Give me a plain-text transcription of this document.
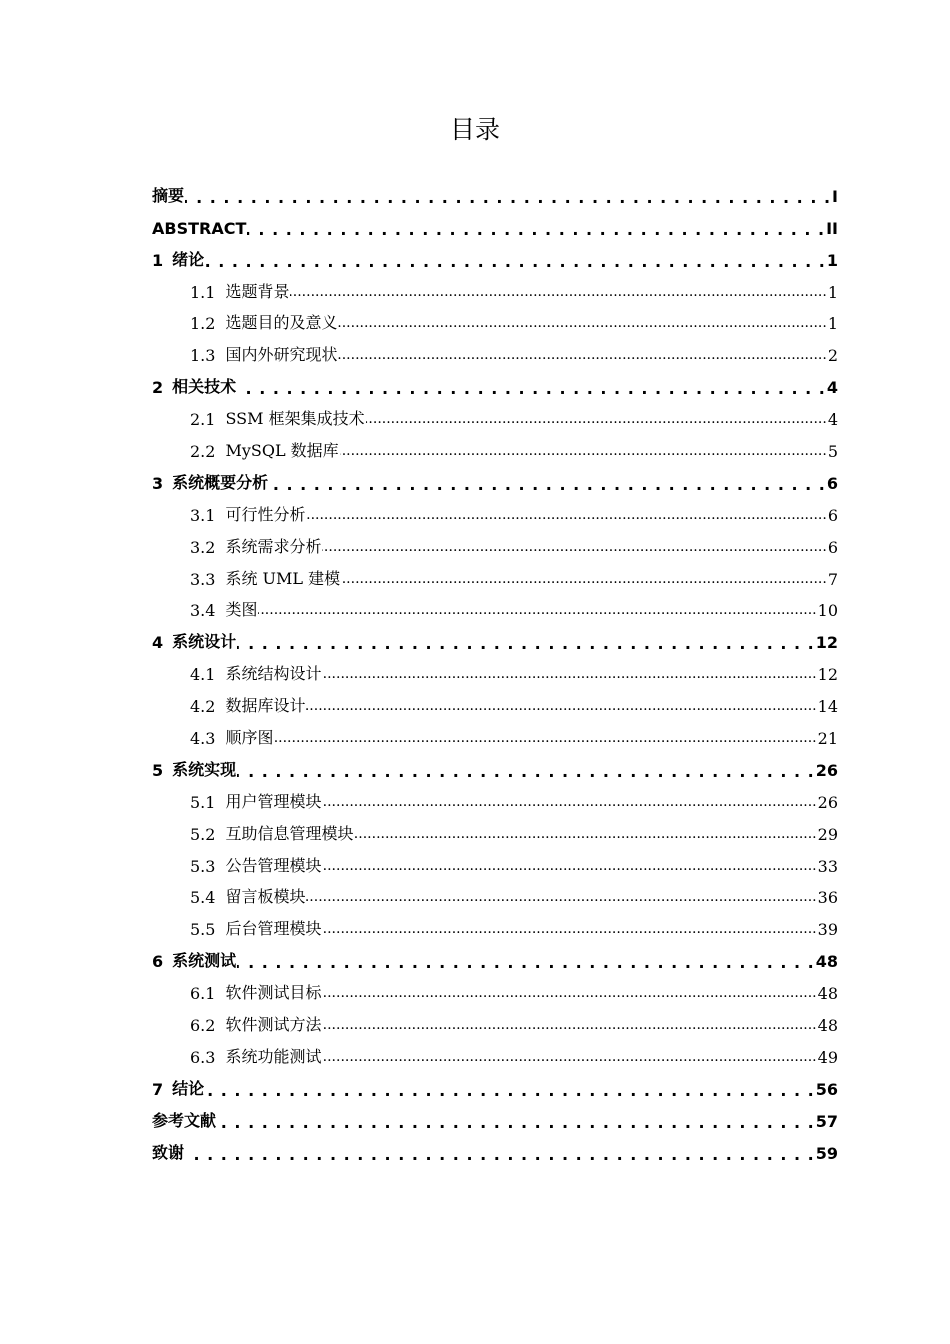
目录
摘要 . . .	I
ABSTRACT . . .	II
1 绪论 . . .	1
1.1 选题背景 .....	1
1.2 选题目的及意义 .....	1
1.3 国内外研究现状 .....	2
2 相关技术 . . .	4
2.1 SSM 框架集成技术 .....	4
2.2 MySQL 数据库 .....	5
3 系统概要分析 . . .	6
3.1 可行性分析 .....	6
3.2 系统需求分析 .....	6
3.3 系统 UML 建模 .....	7
3.4 类图 .....	10
4 系统设计 . . .	12
4.1 系统结构设计 .....	12
4.2 数据库设计 .....	14
4.3 顺序图 .....	21
5 系统实现 . . .	26
5.1 用户管理模块 .....	26
5.2 互助信息管理模块 .....	29
5.3 公告管理模块 .....	33
5.4 留言板模块 .....	36
5.5 后台管理模块 .....	39
6 系统测试 . . .	48
6.1 软件测试目标 .....	48
6.2 软件测试方法 .....	48
6.3 系统功能测试 .....	49
7 结论 . . .	56
参考文献 . . .	57
致谢 . . .	59
